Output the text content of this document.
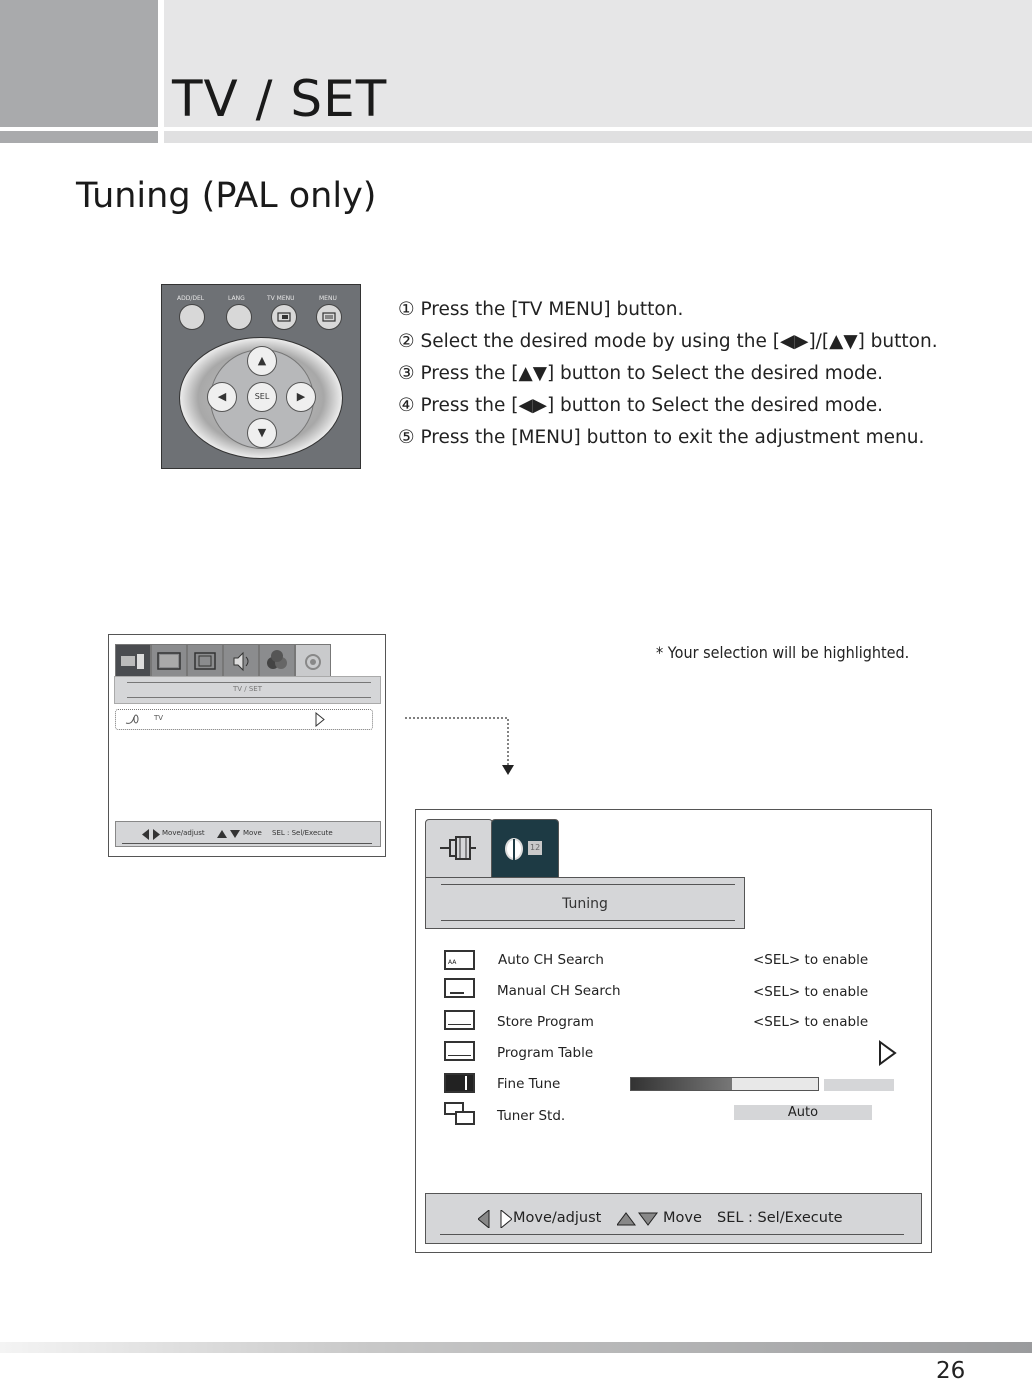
TV / SET
Tuning (PAL only)
ADD/DEL	LANG	TV MENU	MENU
▲
▼
◀	▶
SEL
① Press the [TV MENU] button.
② Select the desired mode by using the [◀▶]/[▲▼] button.
③ Press the [▲▼] button to Select the desired mode.
④ Press the [◀▶] button to Select the desired mode.
⑤ Press the [MENU] button to exit the adjustment menu.
TV / SET
TV
Move/adjust	Move SEL : Sel/Execute
* Your selection will be highlighted.
12
Tuning
AA	Auto CH Search	<SEL> to enable
Manual CH Search	<SEL> to enable
Store Program	<SEL> to enable
Program Table
Fine Tune
Tuner Std.	Auto
Move/adjust	Move SEL : Sel/Execute
26
